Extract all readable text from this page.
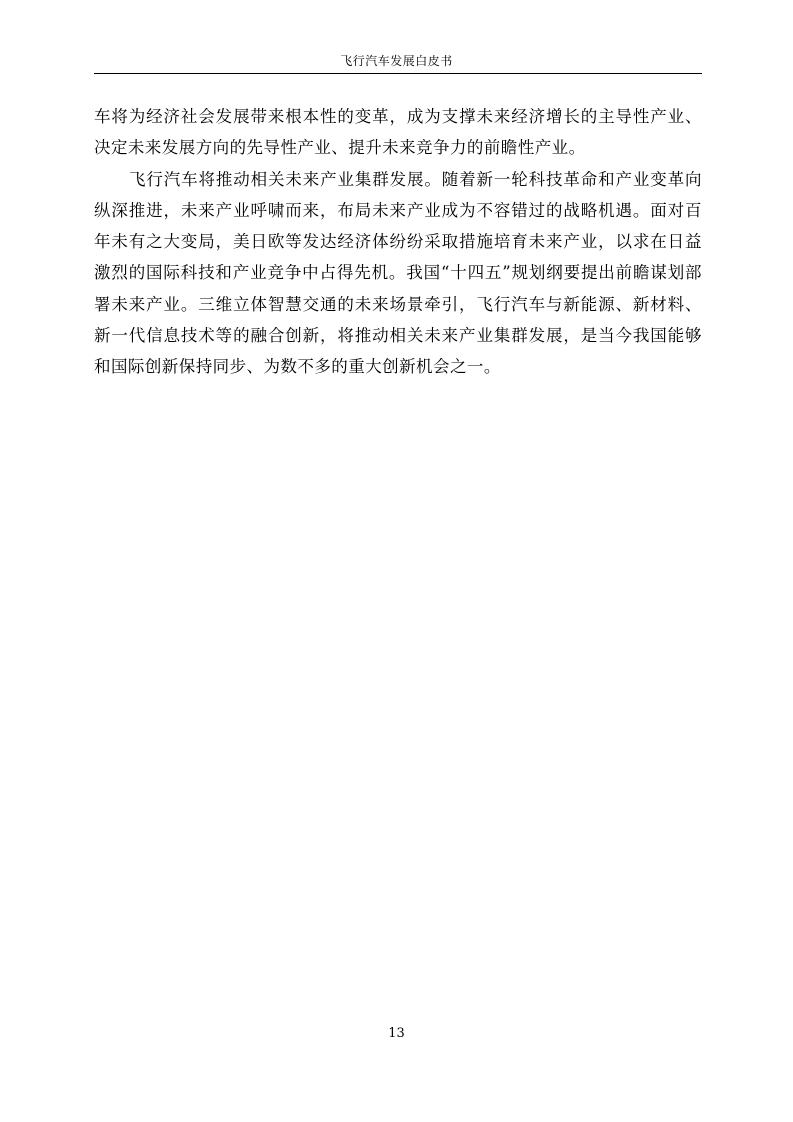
飞行汽车发展白皮书

车将为经济社会发展带来根本性的变革，成为支撑未来经济增长的主导性产业、决定未来发展方向的先导性产业、提升未来竞争力的前瞻性产业。

飞行汽车将推动相关未来产业集群发展。随着新一轮科技革命和产业变革向纵深推进，未来产业呼啸而来，布局未来产业成为不容错过的战略机遇。面对百年未有之大变局，美日欧等发达经济体纷纷采取措施培育未来产业，以求在日益激烈的国际科技和产业竞争中占得先机。我国“十四五”规划纲要提出前瞻谋划部署未来产业。三维立体智慧交通的未来场景牵引，飞行汽车与新能源、新材料、新一代信息技术等的融合创新，将推动相关未来产业集群发展，是当今我国能够和国际创新保持同步、为数不多的重大创新机会之一。

13
